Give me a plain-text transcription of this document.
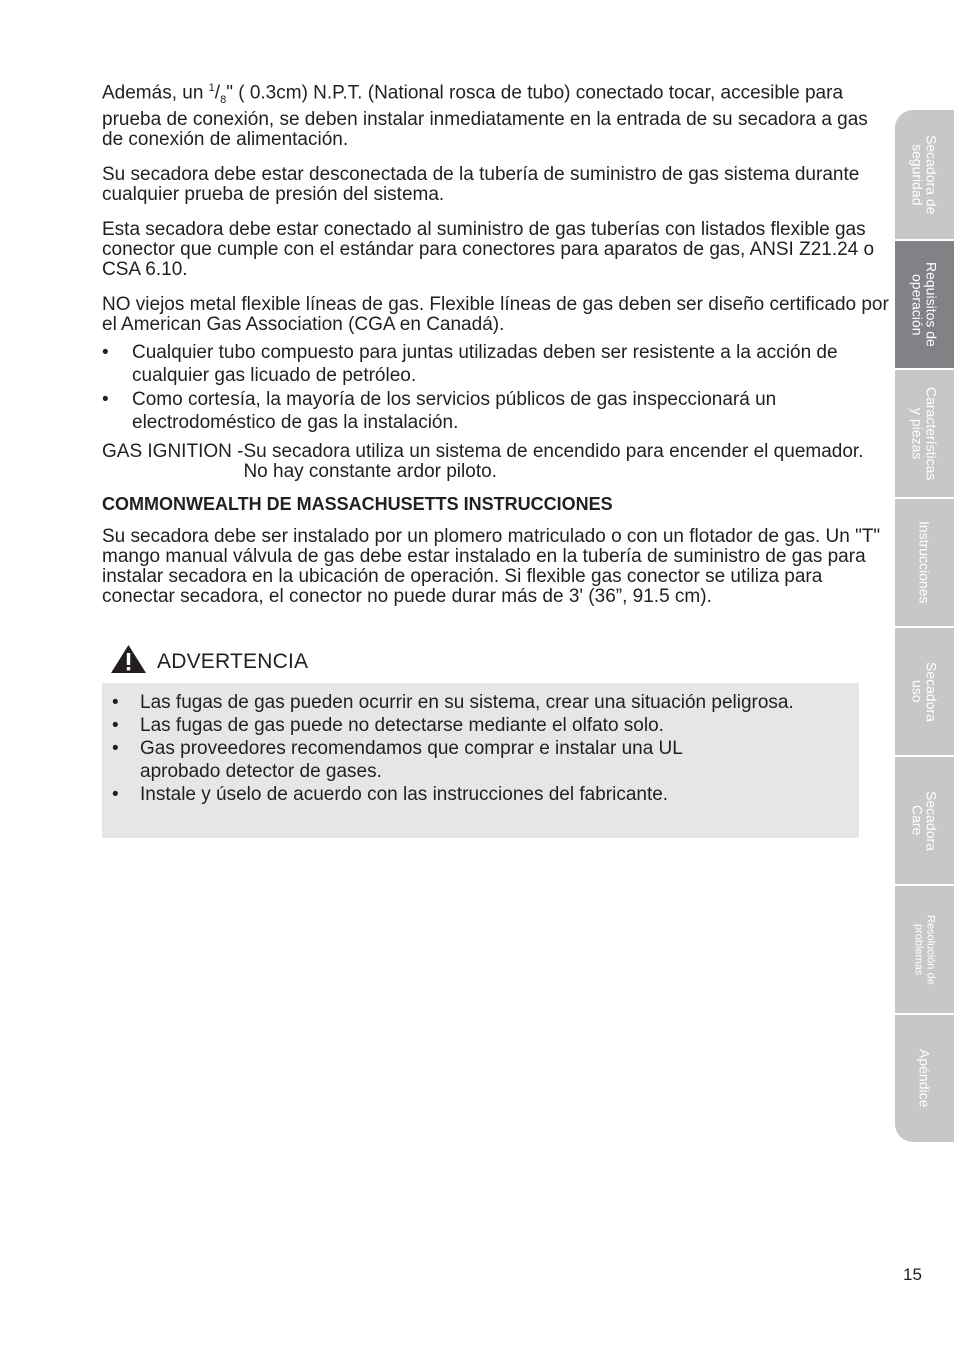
Además, un $^1/_8$" ( 0.3cm) N.P.T. (National rosca de tubo) conectado tocar, accesible para prueba de conexión, se deben instalar inmediatamente en la entrada de su secadora a gas de conexión de alimentación.

Su secadora debe estar desconectada de la tubería de suministro de gas sistema durante cualquier prueba de presión del sistema.

Esta secadora debe estar conectado al suministro de gas tuberías con listados flexible gas conector que cumple con el estándar para conectores para aparatos de gas, ANSI Z21.24 o CSA 6.10.

NO viejos metal flexible líneas de gas. Flexible líneas de gas deben ser diseño certificado por el American Gas Association (CGA en Canadá).

• Cualquier tubo compuesto para juntas utilizadas deben ser resistente a la acción de cualquier gas licuado de petróleo.
• Como cortesía, la mayoría de los servicios públicos de gas inspeccionará un electrodoméstico de gas la instalación.
GAS IGNITION - Su secadora utiliza un sistema de encendido para encender el quemador. No hay constante ardor piloto.
COMMONWEALTH DE MASSACHUSETTS INSTRUCCIONES

Su secadora debe ser instalado por un plomero matriculado o con un flotador de gas. Un "T" mango manual válvula de gas debe estar instalado en la tubería de suministro de gas para instalar secadora en la ubicación de operación. Si flexible gas conector se utiliza para conectar secadora, el conector no puede durar más de 3' (36”, 91.5 cm).

ADVERTENCIA
• Las fugas de gas pueden ocurrir en su sistema, crear una situación peligrosa.
• Las fugas de gas puede no detectarse mediante el olfato solo.
• Gas proveedores recomendamos que comprar e instalar una UL aprobado detector de gases.
• Instale y úselo de acuerdo con las instrucciones del fabricante.
Secadora de
seguridad
Requisitos de
operación
Características
y piezas
Instrucciones
Secadora
uso
Secadora
Care
Resolución de
problemas
Apéndice
15
